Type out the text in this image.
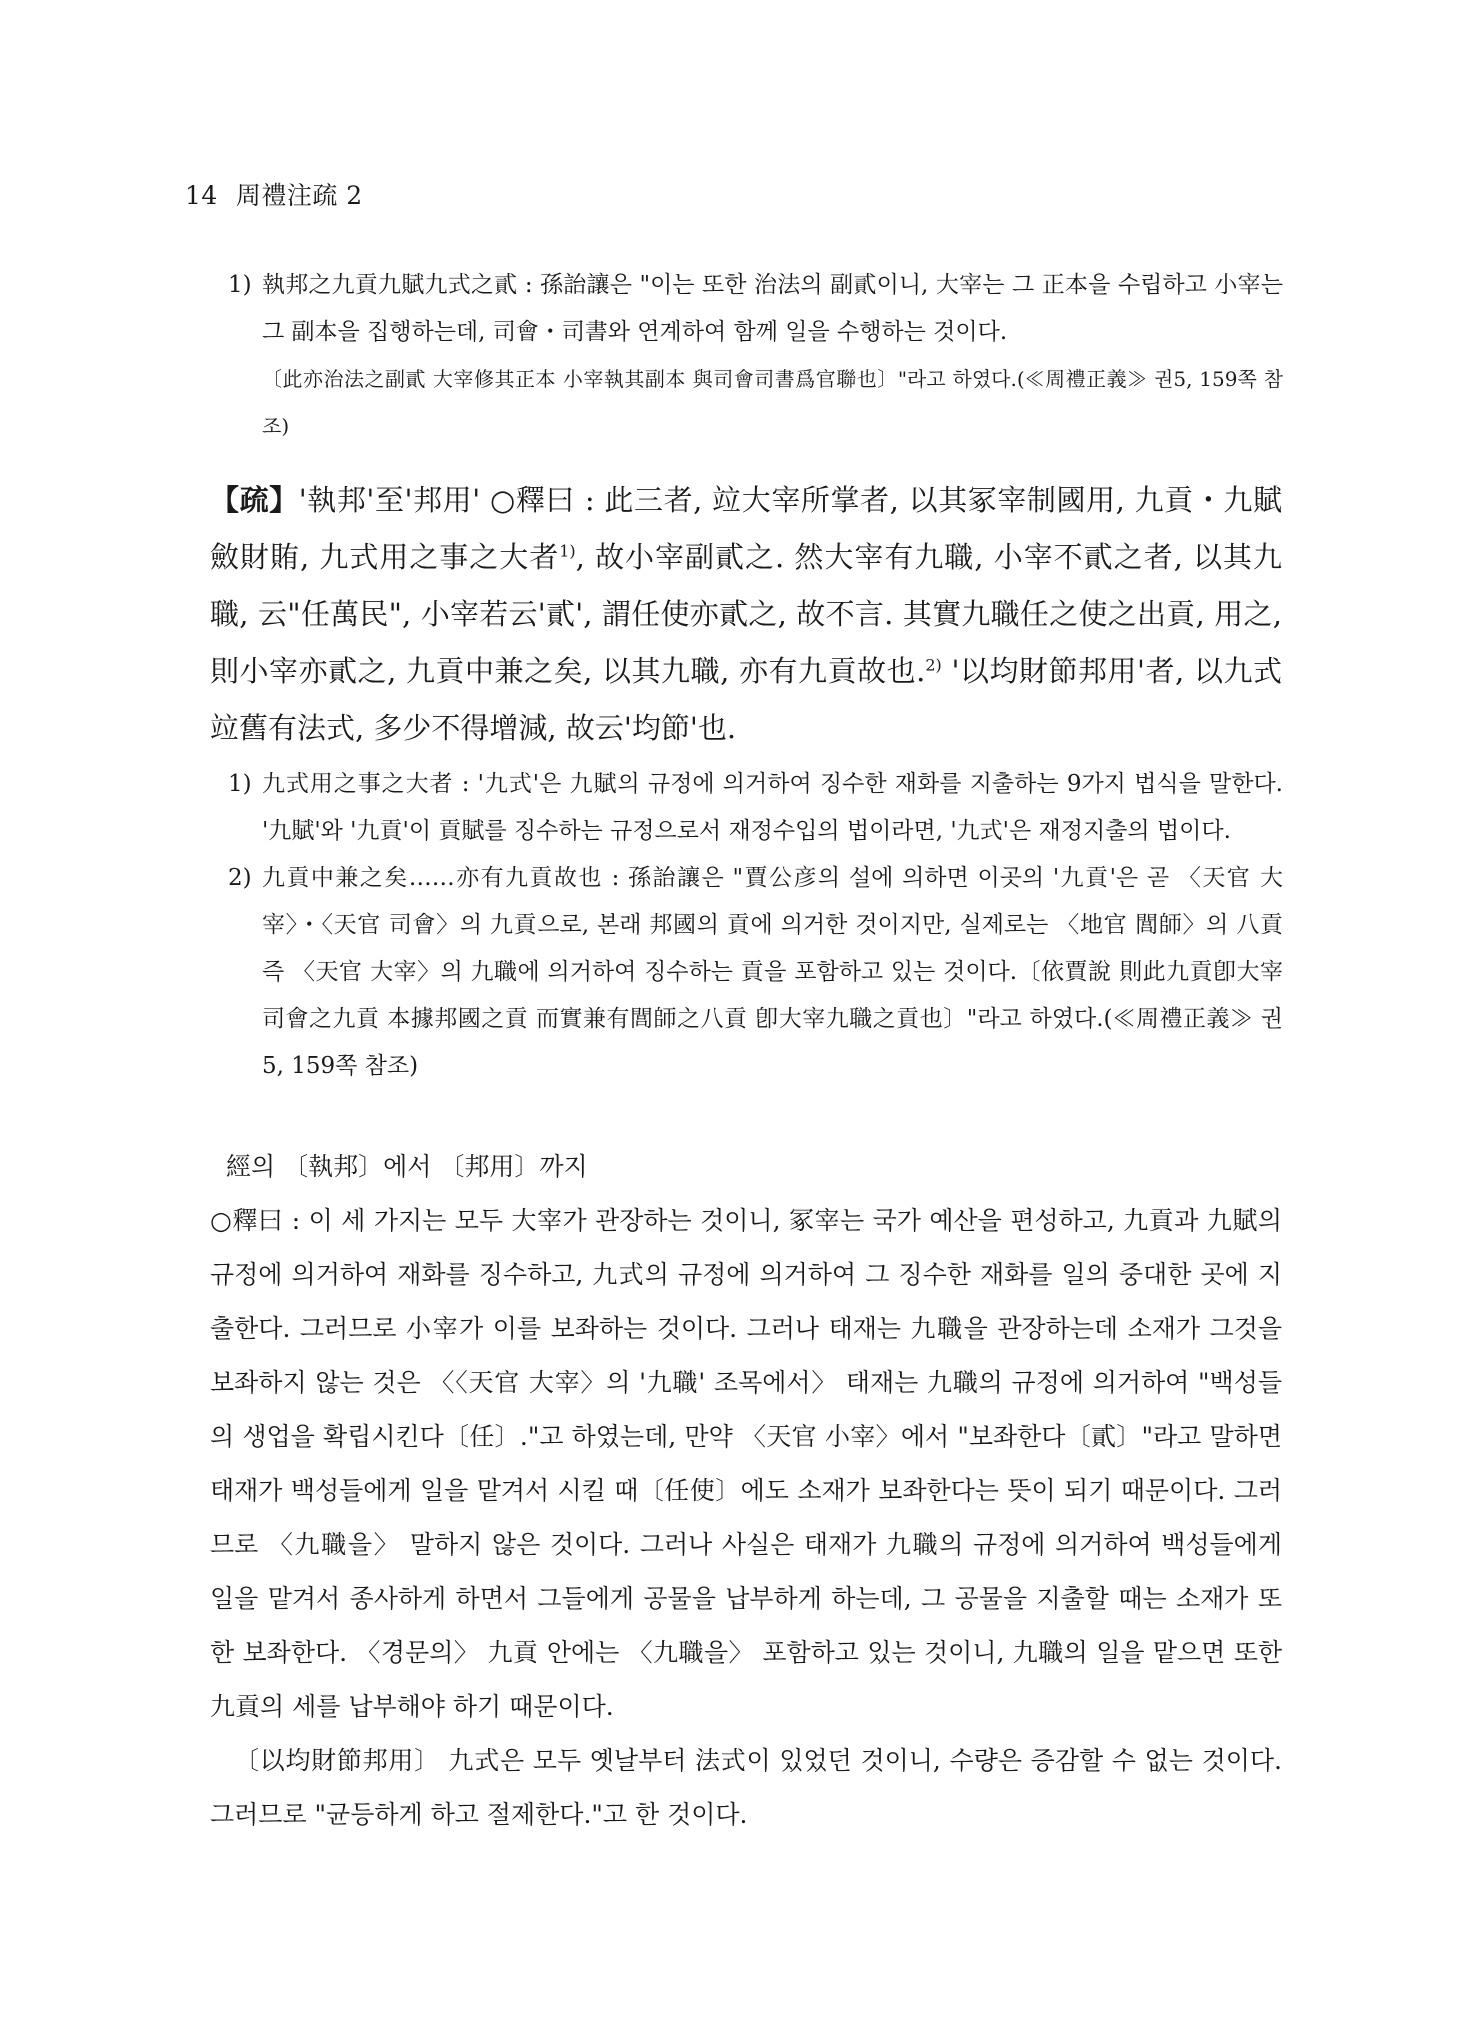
14 周禮注疏 2
1) 執邦之九貢九賦九式之貳 : 孫詒讓은 "이는 또한 治法의 副貳이니, 大宰는 그 正本을 수립하고 小宰는 그 副本을 집행하는데, 司會・司書와 연계하여 함께 일을 수행하는 것이다.
〔此亦治法之副貳 大宰修其正本 小宰執其副本 與司會司書爲官聯也〕"라고 하였다.(≪周禮正義≫ 권5, 159쪽 참조)
【疏】'執邦'至'邦用' ○釋曰 : 此三者, 竝大宰所掌者, 以其冢宰制國用, 九貢・九賦斂財賄, 九式用之事之大者$^{1)}$, 故小宰副貳之. 然大宰有九職, 小宰不貳之者, 以其九職, 云"任萬民", 小宰若云'貳', 謂任使亦貳之, 故不言. 其實九職任之使之出貢, 用之, 則小宰亦貳之, 九貢中兼之矣, 以其九職, 亦有九貢故也.$^{2)}$ '以均財節邦用'者, 以九式竝舊有法式, 多少不得增減, 故云'均節'也.
1) 九式用之事之大者 : '九式'은 九賦의 규정에 의거하여 징수한 재화를 지출하는 9가지 법식을 말한다. '九賦'와 '九貢'이 貢賦를 징수하는 규정으로서 재정수입의 법이라면, '九式'은 재정지출의 법이다.
2) 九貢中兼之矣……亦有九貢故也 : 孫詒讓은 "賈公彦의 설에 의하면 이곳의 '九貢'은 곧 〈天官 大宰〉・〈天官 司會〉의 九貢으로, 본래 邦國의 貢에 의거한 것이지만, 실제로는 〈地官 閭師〉의 八貢 즉 〈天官 大宰〉의 九職에 의거하여 징수하는 貢을 포함하고 있는 것이다.〔依賈說 則此九貢卽大宰司會之九貢 本據邦國之貢 而實兼有閭師之八貢 卽大宰九職之貢也〕"라고 하였다.(≪周禮正義≫ 권5, 159쪽 참조)
經의 〔執邦〕에서 〔邦用〕까지
○釋曰 : 이 세 가지는 모두 大宰가 관장하는 것이니, 冢宰는 국가 예산을 편성하고, 九貢과 九賦의 규정에 의거하여 재화를 징수하고, 九式의 규정에 의거하여 그 징수한 재화를 일의 중대한 곳에 지출한다. 그러므로 小宰가 이를 보좌하는 것이다. 그러나 태재는 九職을 관장하는데 소재가 그것을 보좌하지 않는 것은 〈〈天官 大宰〉의 '九職' 조목에서〉 태재는 九職의 규정에 의거하여 "백성들의 생업을 확립시킨다〔任〕."고 하였는데, 만약 〈天官 小宰〉에서 "보좌한다〔貳〕"라고 말하면 태재가 백성들에게 일을 맡겨서 시킬 때〔任使〕에도 소재가 보좌한다는 뜻이 되기 때문이다. 그러므로 〈九職을〉 말하지 않은 것이다. 그러나 사실은 태재가 九職의 규정에 의거하여 백성들에게 일을 맡겨서 종사하게 하면서 그들에게 공물을 납부하게 하는데, 그 공물을 지출할 때는 소재가 또한 보좌한다. 〈경문의〉 九貢 안에는 〈九職을〉 포함하고 있는 것이니, 九職의 일을 맡으면 또한 九貢의 세를 납부해야 하기 때문이다.
〔以均財節邦用〕 九式은 모두 옛날부터 法式이 있었던 것이니, 수량은 증감할 수 없는 것이다. 그러므로 "균등하게 하고 절제한다."고 한 것이다.
